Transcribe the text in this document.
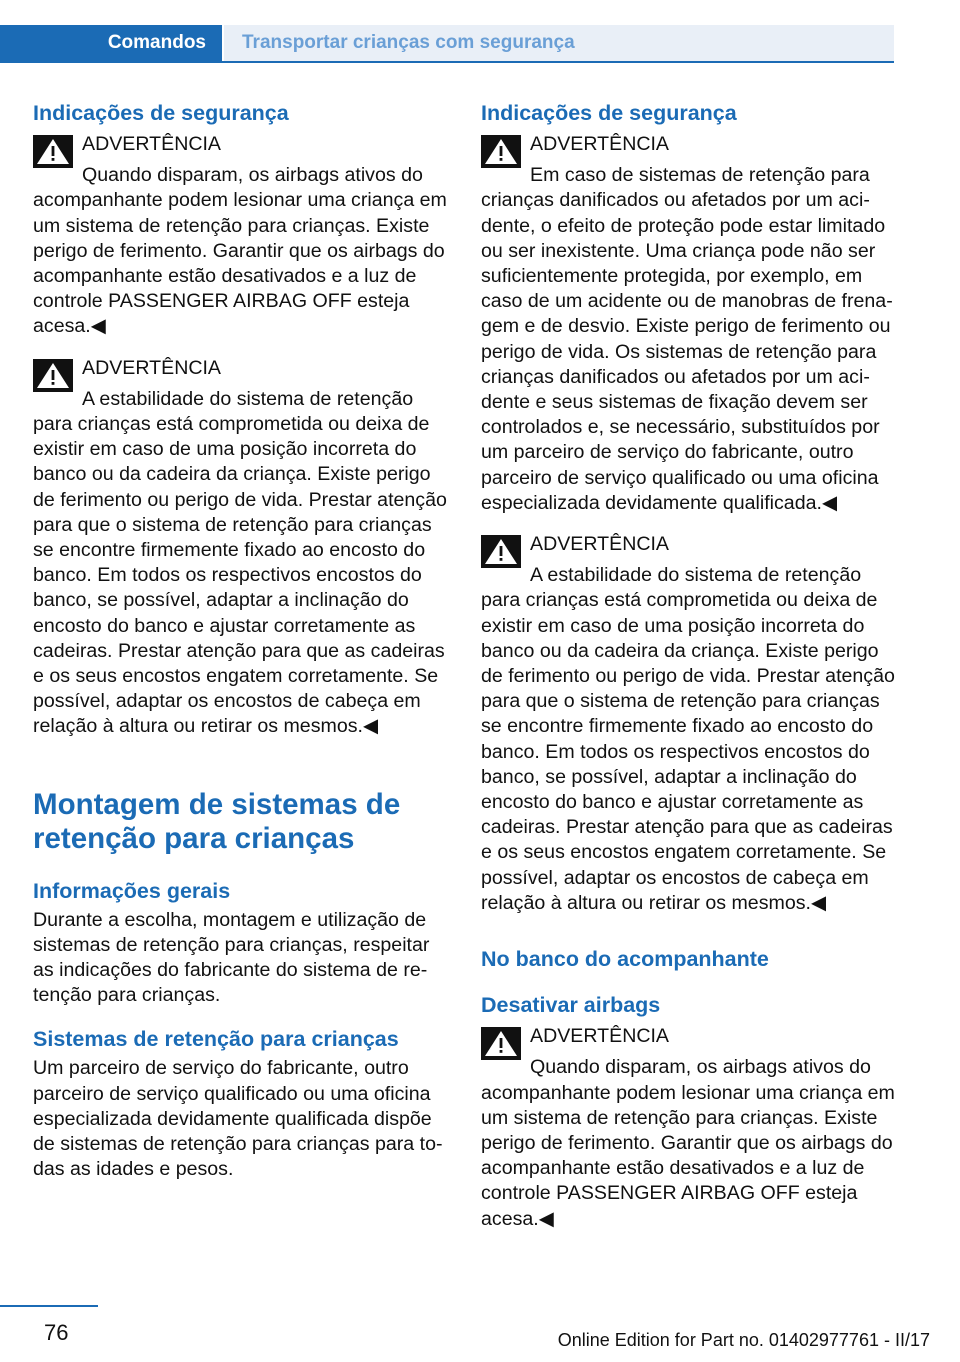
Comandos	Transportar crianças com segurança
Indicações de segurança
ADVERTÊNCIA
Quando disparam, os airbags ativos do acompanhante podem lesionar uma criança em um sistema de retenção para crianças. Existe perigo de ferimento. Garantir que os airbags do acompanhante estão desativados e a luz de controle PASSENGER AIRBAG OFF esteja acesa.◀
ADVERTÊNCIA
A estabilidade do sistema de retenção para crianças está comprometida ou deixa de existir em caso de uma posição incorreta do banco ou da cadeira da criança. Existe perigo de ferimento ou perigo de vida. Prestar atenção para que o sistema de retenção para crianças se encontre firmemente fixado ao encosto do banco. Em todos os respectivos encostos do banco, se possível, adaptar a inclinação do encosto do banco e ajustar corretamente as cadeiras. Prestar atenção para que as cadeiras e os seus encostos engatem corretamente. Se possível, adaptar os encostos de cabeça em relação à altura ou retirar os mesmos.◀
Montagem de sistemas de retenção para crianças
Informações gerais

Durante a escolha, montagem e utilização de sistemas de retenção para crianças, respeitar as indicações do fabricante do sistema de retenção para crianças.

Sistemas de retenção para crianças

Um parceiro de serviço do fabricante, outro parceiro de serviço qualificado ou uma oficina especializada devidamente qualificada dispõe de sistemas de retenção para crianças para todas as idades e pesos.

Indicações de segurança
ADVERTÊNCIA
Em caso de sistemas de retenção para crianças danificados ou afetados por um acidente, o efeito de proteção pode estar limitado ou ser inexistente. Uma criança pode não ser suficientemente protegida, por exemplo, em caso de um acidente ou de manobras de frenagem e de desvio. Existe perigo de ferimento ou perigo de vida. Os sistemas de retenção para crianças danificados ou afetados por um acidente e seus sistemas de fixação devem ser controlados e, se necessário, substituídos por um parceiro de serviço do fabricante, outro parceiro de serviço qualificado ou uma oficina especializada devidamente qualificada.◀
ADVERTÊNCIA
A estabilidade do sistema de retenção para crianças está comprometida ou deixa de existir em caso de uma posição incorreta do banco ou da cadeira da criança. Existe perigo de ferimento ou perigo de vida. Prestar atenção para que o sistema de retenção para crianças se encontre firmemente fixado ao encosto do banco. Em todos os respectivos encostos do banco, se possível, adaptar a inclinação do encosto do banco e ajustar corretamente as cadeiras. Prestar atenção para que as cadeiras e os seus encostos engatem corretamente. Se possível, adaptar os encostos de cabeça em relação à altura ou retirar os mesmos.◀
No banco do acompanhante
Desativar airbags
ADVERTÊNCIA
Quando disparam, os airbags ativos do acompanhante podem lesionar uma criança em um sistema de retenção para crianças. Existe perigo de ferimento. Garantir que os airbags do acompanhante estão desativados e a luz de controle PASSENGER AIRBAG OFF esteja acesa.◀
76	Online Edition for Part no. 01402977761 - II/17
